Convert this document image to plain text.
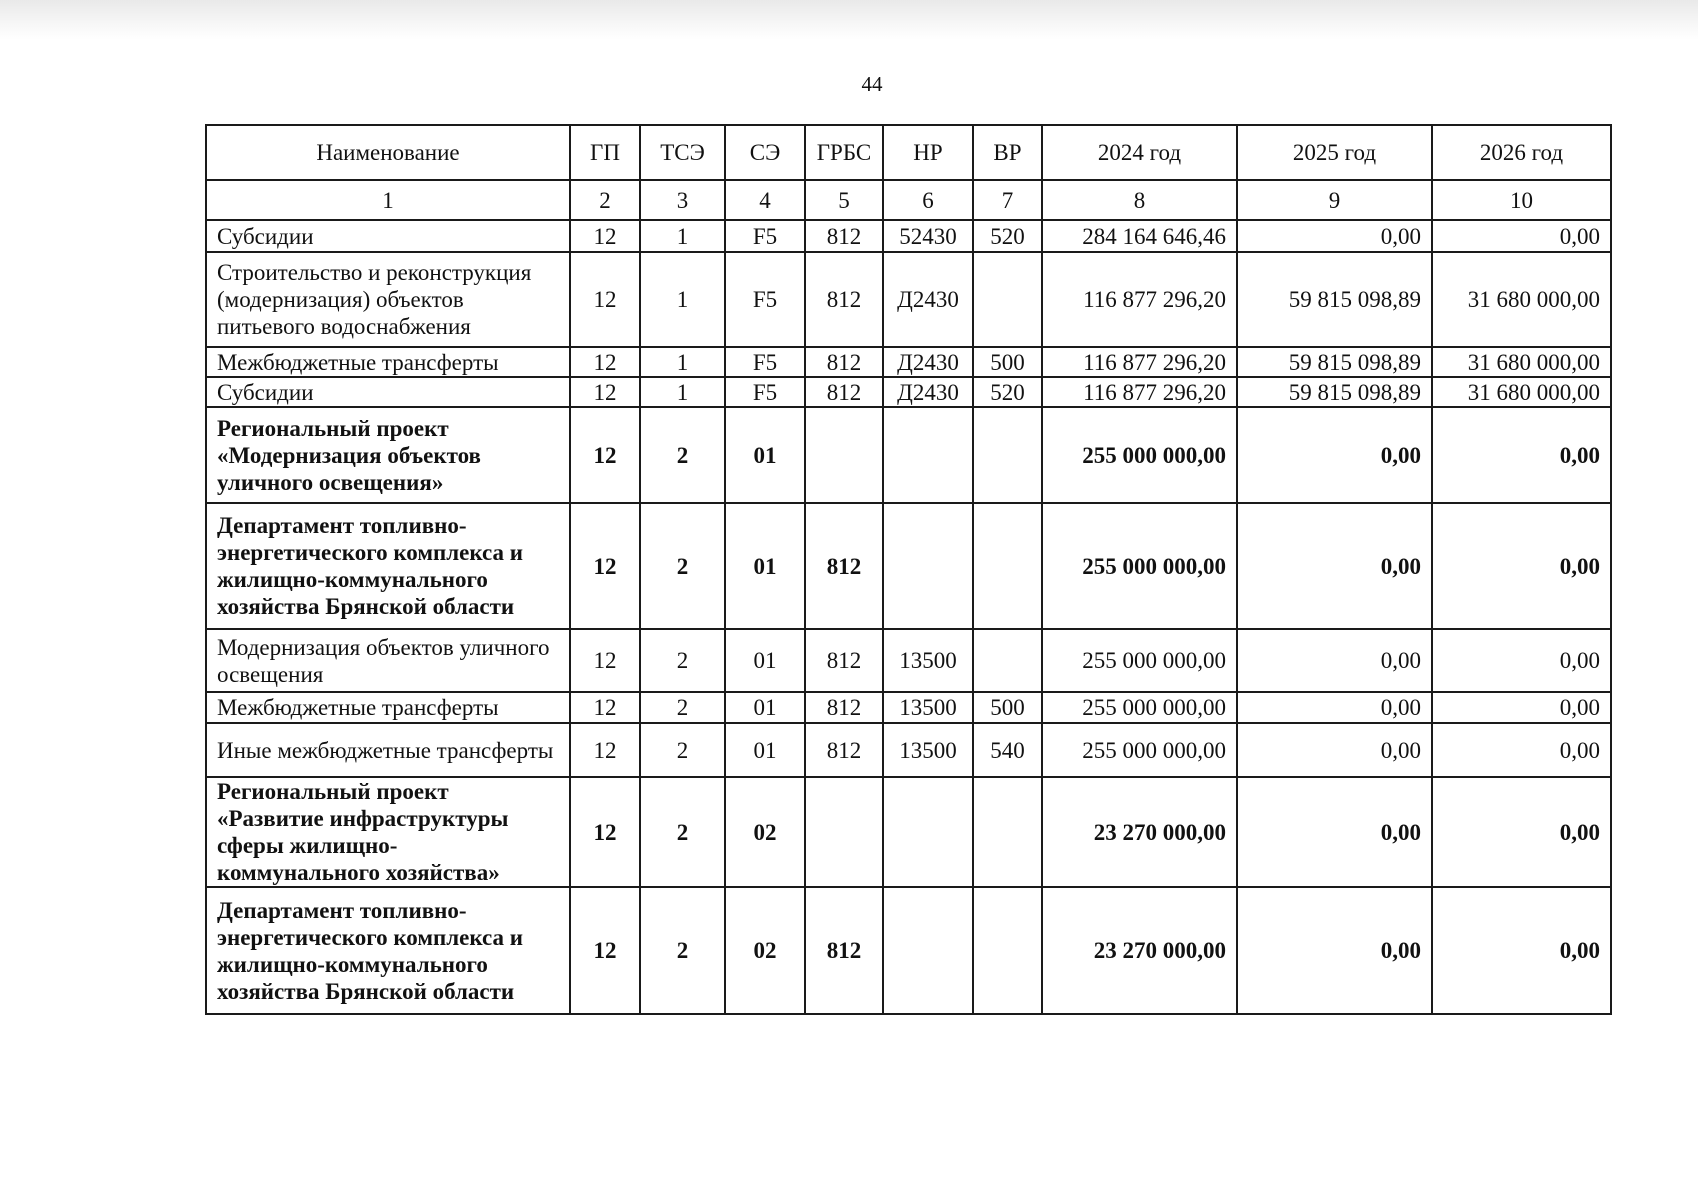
44
Наименование	ГП	ТСЭ	СЭ	ГРБС	НР	ВР	2024 год	2025 год	2026 год
1	2	3	4	5	6	7	8	9	10
Субсидии	12	1	F5	812	52430	520	284 164 646,46	0,00	0,00
Строительство и реконструкция (модернизация) объектов питьевого водоснабжения	12	1	F5	812	Д2430		116 877 296,20	59 815 098,89	31 680 000,00
Межбюджетные трансферты	12	1	F5	812	Д2430	500	116 877 296,20	59 815 098,89	31 680 000,00
Субсидии	12	1	F5	812	Д2430	520	116 877 296,20	59 815 098,89	31 680 000,00
Региональный проект «Модернизация объектов уличного освещения»	12	2	01				255 000 000,00	0,00	0,00
Департамент топливно-энергетического комплекса и жилищно-коммунального хозяйства Брянской области	12	2	01	812			255 000 000,00	0,00	0,00
Модернизация объектов уличного освещения	12	2	01	812	13500		255 000 000,00	0,00	0,00
Межбюджетные трансферты	12	2	01	812	13500	500	255 000 000,00	0,00	0,00
Иные межбюджетные трансферты	12	2	01	812	13500	540	255 000 000,00	0,00	0,00
Региональный проект «Развитие инфраструктуры сферы жилищно-коммунального хозяйства»	12	2	02				23 270 000,00	0,00	0,00
Департамент топливно-энергетического комплекса и жилищно-коммунального хозяйства Брянской области	12	2	02	812			23 270 000,00	0,00	0,00
